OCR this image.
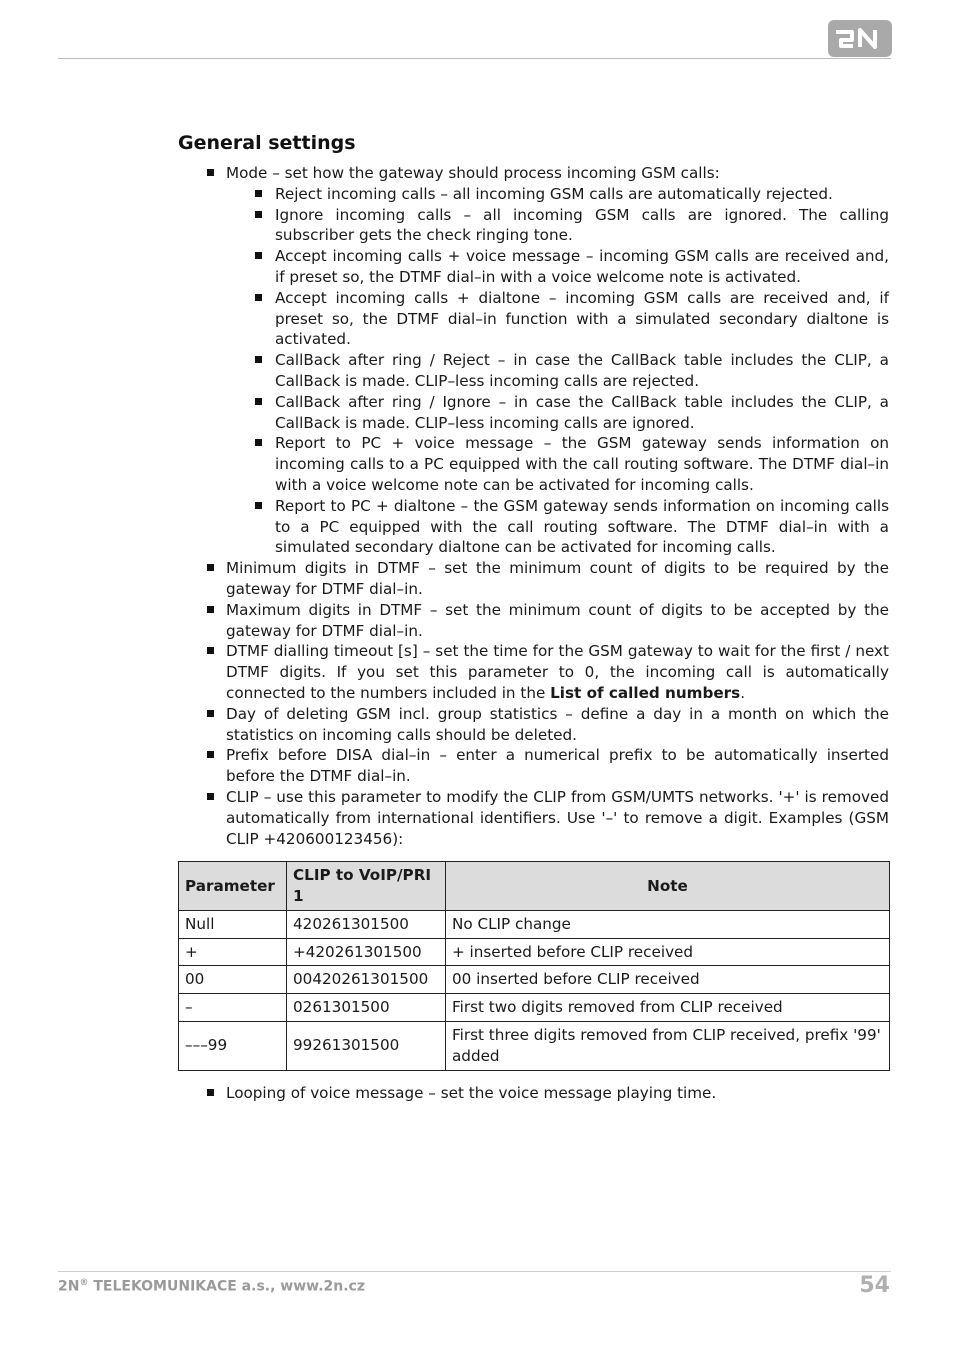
General settings
Mode – set how the gateway should process incoming GSM calls:
Reject incoming calls – all incoming GSM calls are automatically rejected.
Ignore incoming calls – all incoming GSM calls are ignored. The calling subscriber gets the check ringing tone.
Accept incoming calls + voice message – incoming GSM calls are received and, if preset so, the DTMF dial–in with a voice welcome note is activated.
Accept incoming calls + dialtone – incoming GSM calls are received and, if preset so, the DTMF dial–in function with a simulated secondary dialtone is activated.
CallBack after ring / Reject – in case the CallBack table includes the CLIP, a CallBack is made. CLIP–less incoming calls are rejected.
CallBack after ring / Ignore – in case the CallBack table includes the CLIP, a CallBack is made. CLIP–less incoming calls are ignored.
Report to PC + voice message – the GSM gateway sends information on incoming calls to a PC equipped with the call routing software. The DTMF dial–in with a voice welcome note can be activated for incoming calls.
Report to PC + dialtone – the GSM gateway sends information on incoming calls to a PC equipped with the call routing software. The DTMF dial–in with a simulated secondary dialtone can be activated for incoming calls.
Minimum digits in DTMF – set the minimum count of digits to be required by the gateway for DTMF dial–in.
Maximum digits in DTMF – set the minimum count of digits to be accepted by the gateway for DTMF dial–in.
DTMF dialling timeout [s] – set the time for the GSM gateway to wait for the first / next DTMF digits. If you set this parameter to 0, the incoming call is automatically connected to the numbers included in the List of called numbers.
Day of deleting GSM incl. group statistics – define a day in a month on which the statistics on incoming calls should be deleted.
Prefix before DISA dial–in – enter a numerical prefix to be automatically inserted before the DTMF dial–in.
CLIP – use this parameter to modify the CLIP from GSM/UMTS networks. '+' is removed automatically from international identifiers. Use '–' to remove a digit. Examples (GSM CLIP +420600123456):
Parameter	CLIP to VoIP/PRI 1	Note
Null	420261301500	No CLIP change
+	+420261301500	+ inserted before CLIP received
00	00420261301500	00 inserted before CLIP received
–	0261301500	First two digits removed from CLIP received
–––99	99261301500	First three digits removed from CLIP received, prefix '99' added
Looping of voice message – set the voice message playing time.
2N® TELEKOMUNIKACE a.s., www.2n.cz	54
